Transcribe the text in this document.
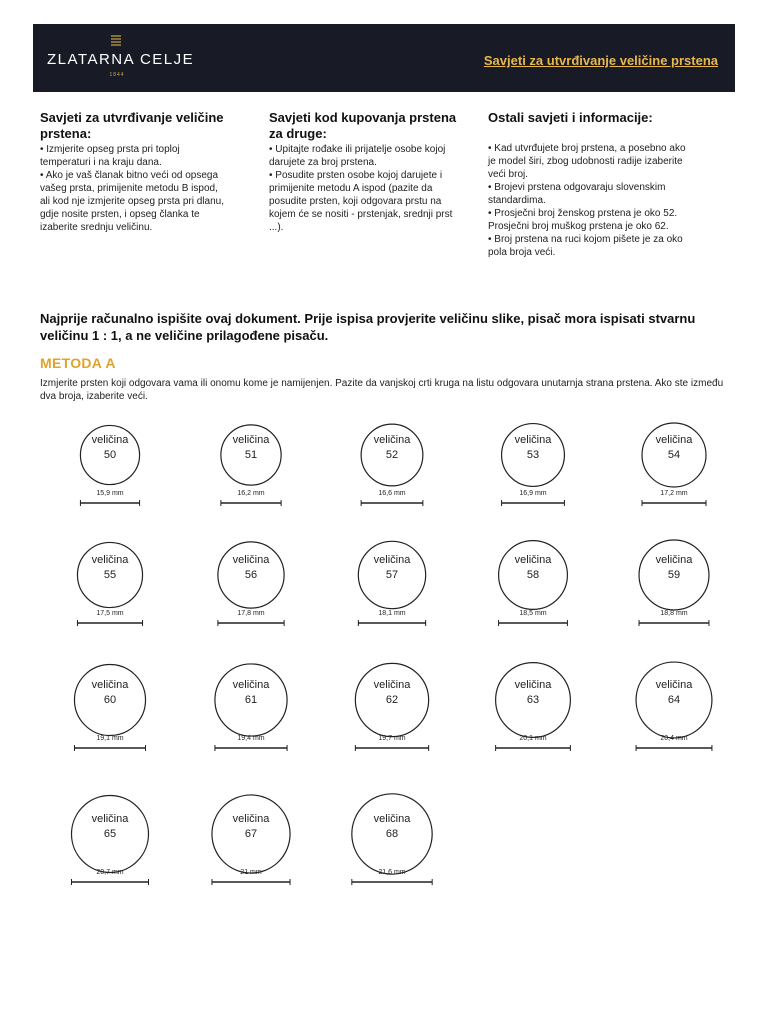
ZLATARNA CELJE
1844
Savjeti za utvrđivanje veličine prstena
Savjeti za utvrđivanje veličine prstena:

• Izmjerite opseg prsta pri toploj
temperaturi i na kraju dana.
• Ako je vaš članak bitno veći od opsega
vašeg prsta, primijenite metodu B ispod,
ali kod nje izmjerite opseg prsta pri dlanu,
gdje nosite prsten, i opseg članka te
izaberite srednju veličinu.

Savjeti kod kupovanja prstena za druge:

• Upitajte rođake ili prijatelje osobe kojoj
darujete za broj prstena.
• Posudite prsten osobe kojoj darujete i
primijenite metodu A ispod (pazite da
posudite prsten, koji odgovara prstu na
kojem će se nositi - prstenjak, srednji prst
...).

Ostali savjeti i informacije:

• Kad utvrđujete broj prstena, a posebno ako
je model širi, zbog udobnosti radije izaberite
veći broj.
• Brojevi prstena odgovaraju slovenskim
standardima.
• Prosječni broj ženskog prstena je oko 52.
Prosječni broj muškog prstena je oko 62.
• Broj prstena na ruci kojom pišete je za oko
pola broja veći.

Najprije računalno ispišite ovaj dokument. Prije ispisa provjerite veličinu slike, pisač mora ispisati stvarnu veličinu 1 : 1, a ne veličine prilagođene pisaču.
METODA A
Izmjerite prsten koji odgovara vama ili onomu kome je namijenjen. Pazite da vanjskoj crti kruga na listu odgovara unutarnja strana prstena. Ako ste između dva broja, izaberite veći.
veličina
50
15,9 mm
veličina
51
16,2 mm
veličina
52
16,6 mm
veličina
53
16,9 mm
veličina
54
17,2 mm
veličina
55
17,5 mm
veličina
56
17,8 mm
veličina
57
18,1 mm
veličina
58
18,5 mm
veličina
59
18,8 mm
veličina
60
19,1 mm
veličina
61
19,4 mm
veličina
62
19,7 mm
veličina
63
20,1 mm
veličina
64
20,4 mm
veličina
65
20,7 mm
veličina
67
21 mm
veličina
68
21,6 mm
